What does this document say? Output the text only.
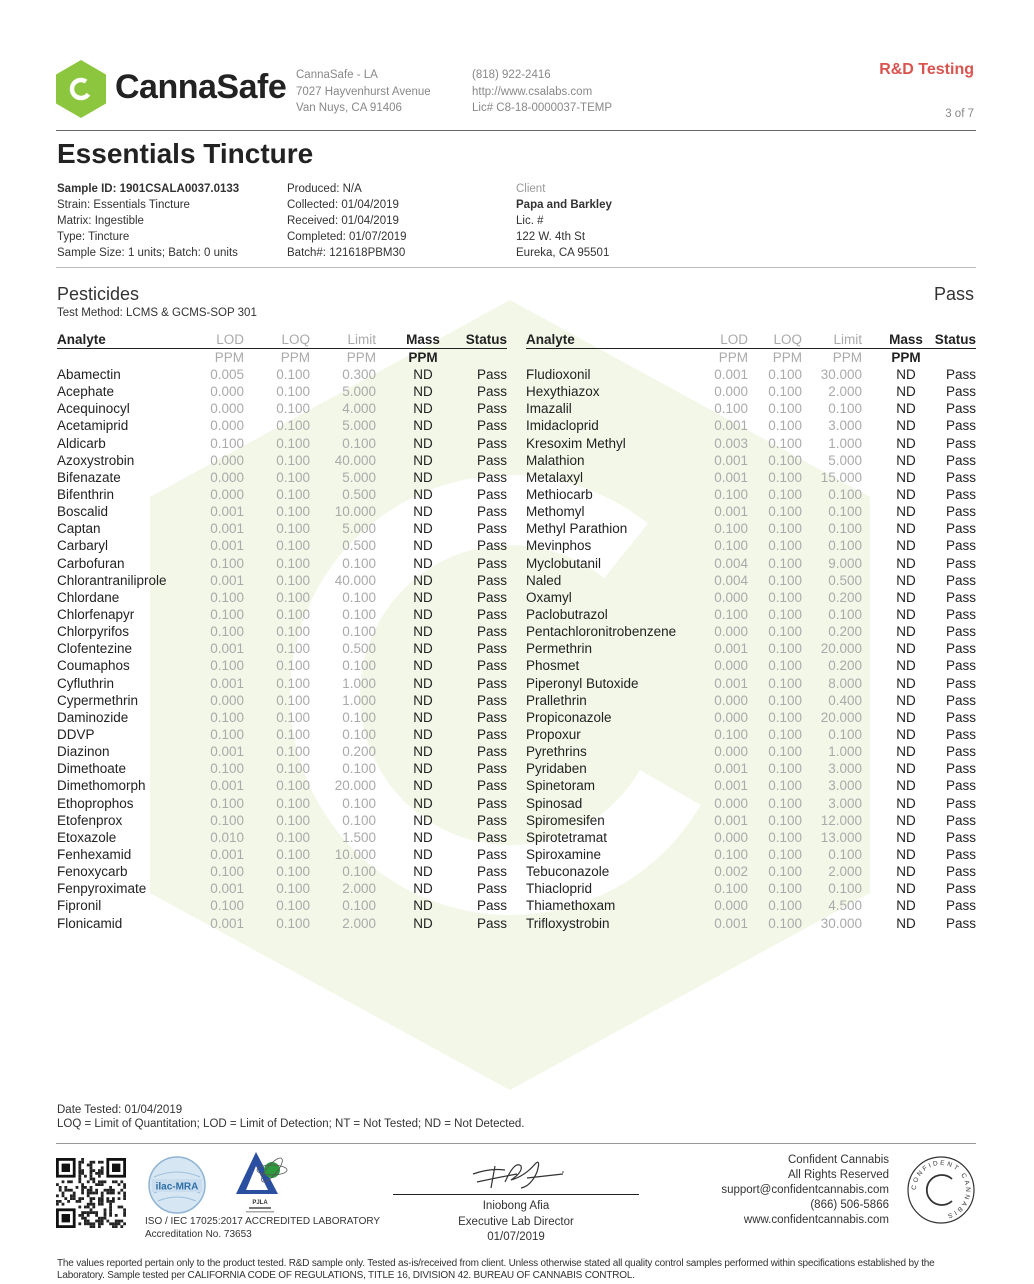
CannaSafe CannaSafe - LA
7027 Hayvenhurst Avenue
Van Nuys, CA 91406
(818) 922-2416
http://www.csalabs.com
Lic# C8-18-0000037-TEMP
R&D Testing
3 of 7
Essentials Tincture
Sample ID: 1901CSALA0037.0133
Strain: Essentials Tincture
Matrix: Ingestible
Type: Tincture
Sample Size: 1 units; Batch: 0 units
Produced: N/A
Collected: 01/04/2019
Received: 01/04/2019
Completed: 01/07/2019
Batch#: 121618PBM30
Client
Papa and Barkley
Lic. #
122 W. 4th St
Eureka, CA 95501
Pesticides	Pass
Test Method: LCMS & GCMS-SOP 301
Analyte	LOD	LOQ	Limit Mass Status
PPM	PPM	PPM PPM
Abamectin	0.005 0.100 0.300	ND	Pass
Acephate	0.000 0.100 5.000	ND	Pass
Acequinocyl	0.000 0.100 4.000	ND	Pass
Acetamiprid	0.000 0.100 5.000	ND	Pass
Aldicarb	0.100 0.100 0.100	ND	Pass
Azoxystrobin	0.000 0.100 40.000	ND	Pass
Bifenazate	0.000 0.100 5.000	ND	Pass
Bifenthrin	0.000 0.100 0.500	ND	Pass
Boscalid	0.001 0.100 10.000	ND	Pass
Captan	0.001 0.100 5.000	ND	Pass
Carbaryl	0.001 0.100 0.500	ND	Pass
Carbofuran	0.100 0.100 0.100	ND	Pass
Chlorantraniliprole	0.001 0.100 40.000	ND	Pass
Chlordane	0.100 0.100 0.100	ND	Pass
Chlorfenapyr	0.100 0.100 0.100	ND	Pass
Chlorpyrifos	0.100 0.100 0.100	ND	Pass
Clofentezine	0.001 0.100 0.500	ND	Pass
Coumaphos	0.100 0.100 0.100	ND	Pass
Cyfluthrin	0.001 0.100 1.000	ND	Pass
Cypermethrin	0.000 0.100 1.000	ND	Pass
Daminozide	0.100 0.100 0.100	ND	Pass
DDVP	0.100 0.100 0.100	ND	Pass
Diazinon	0.001 0.100 0.200	ND	Pass
Dimethoate	0.100 0.100 0.100	ND	Pass
Dimethomorph	0.001 0.100 20.000	ND	Pass
Ethoprophos	0.100 0.100 0.100	ND	Pass
Etofenprox	0.100 0.100 0.100	ND	Pass
Etoxazole	0.010 0.100 1.500	ND	Pass
Fenhexamid	0.001 0.100 10.000	ND	Pass
Fenoxycarb	0.100 0.100 0.100	ND	Pass
Fenpyroximate	0.001 0.100 2.000	ND	Pass
Fipronil	0.100 0.100 0.100	ND	Pass
Flonicamid	0.001 0.100 2.000	ND	Pass
Analyte	LOD LOQ Limit Mass Status
PPM PPM PPM PPM
Fludioxonil	0.001 0.100 30.000	ND	Pass
Hexythiazox	0.000 0.100 2.000	ND	Pass
Imazalil	0.100 0.100 0.100	ND	Pass
Imidacloprid	0.001 0.100 3.000	ND	Pass
Kresoxim Methyl	0.003 0.100 1.000	ND	Pass
Malathion	0.001 0.100 5.000	ND	Pass
Metalaxyl	0.001 0.100 15.000	ND	Pass
Methiocarb	0.100 0.100 0.100	ND	Pass
Methomyl	0.001 0.100 0.100	ND	Pass
Methyl Parathion	0.100 0.100 0.100	ND	Pass
Mevinphos	0.100 0.100 0.100	ND	Pass
Myclobutanil	0.004 0.100 9.000	ND	Pass
Naled	0.004 0.100 0.500	ND	Pass
Oxamyl	0.000 0.100 0.200	ND	Pass
Paclobutrazol	0.100 0.100 0.100	ND	Pass
Pentachloronitrobenzene	0.000 0.100 0.200	ND	Pass
Permethrin	0.001 0.100 20.000	ND	Pass
Phosmet	0.000 0.100 0.200	ND	Pass
Piperonyl Butoxide	0.001 0.100 8.000	ND	Pass
Prallethrin	0.000 0.100 0.400	ND	Pass
Propiconazole	0.000 0.100 20.000	ND	Pass
Propoxur	0.100 0.100 0.100	ND	Pass
Pyrethrins	0.000 0.100 1.000	ND	Pass
Pyridaben	0.001 0.100 3.000	ND	Pass
Spinetoram	0.001 0.100 3.000	ND	Pass
Spinosad	0.000 0.100 3.000	ND	Pass
Spiromesifen	0.001 0.100 12.000	ND	Pass
Spirotetramat	0.000 0.100 13.000	ND	Pass
Spiroxamine	0.100 0.100 0.100	ND	Pass
Tebuconazole	0.002 0.100 2.000	ND	Pass
Thiacloprid	0.100 0.100 0.100	ND	Pass
Thiamethoxam	0.000 0.100 4.500	ND	Pass
Trifloxystrobin	0.001 0.100 30.000	ND	Pass
Date Tested: 01/04/2019
LOQ = Limit of Quantitation; LOD = Limit of Detection; NT = Not Tested; ND = Not Detected.
ilac-MRA
PJLA
ISO / IEC 17025:2017 ACCREDITED LABORATORY
Accreditation No. 73653
Iniobong Afia
Executive Lab Director
01/07/2019
Confident Cannabis
All Rights Reserved
support@confidentcannabis.com
(866) 506-5866
www.confidentcannabis.com
CONFIDENT CANNABIS
The values reported pertain only to the product tested. R&D sample only. Tested as-is/received from client. Unless otherwise stated all quality control samples performed within specifications established by the Laboratory. Sample tested per CALIFORNIA CODE OF REGULATIONS, TITLE 16, DIVISION 42. BUREAU OF CANNABIS CONTROL.
